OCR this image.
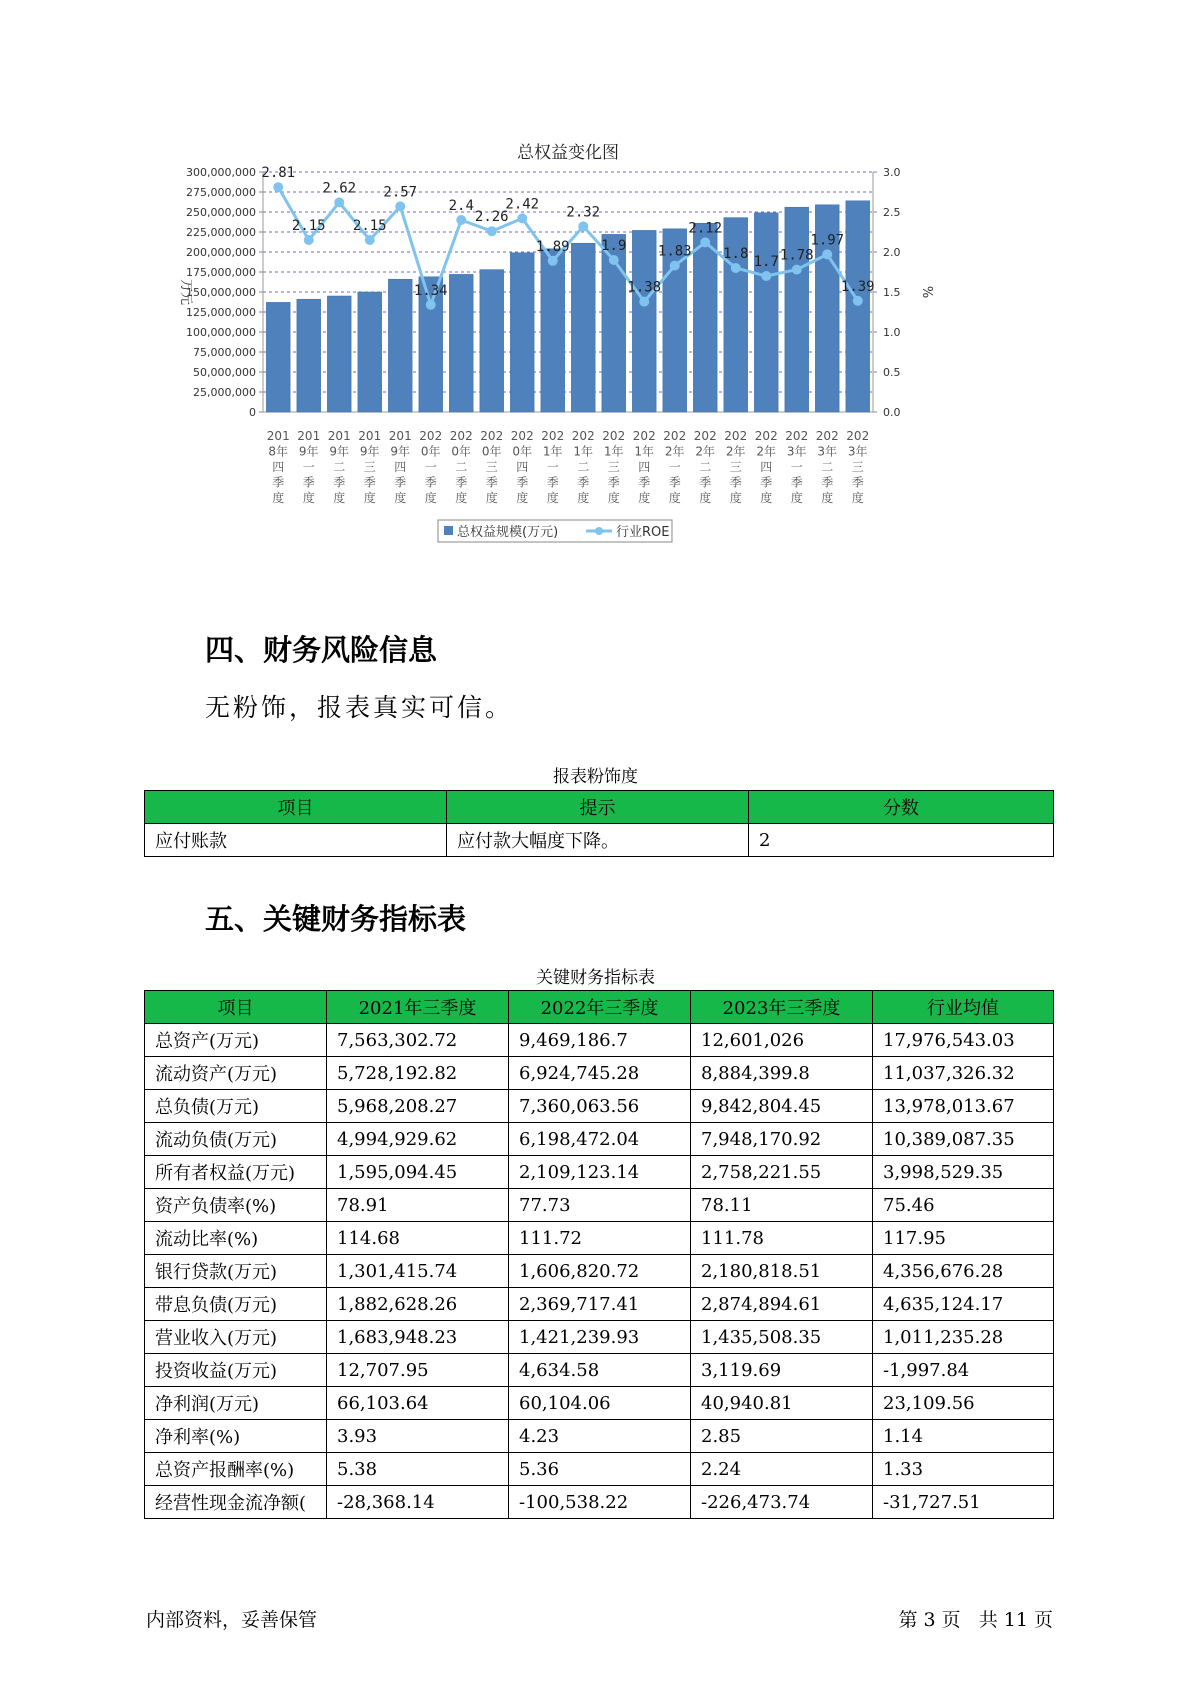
总权益变化图
0
25,000,000
50,000,000
75,000,000
100,000,000
125,000,000
150,000,000
175,000,000
200,000,000
225,000,000
250,000,000
275,000,000
300,000,000
0.0
0.5
1.0
1.5
2.0
2.5
3.0
万元	%
2.81
2.15
2.62
2.15
2.57
1.34
2.4
2.26
2.42
1.89
2.32
1.9
1.38
1.83
2.12
1.8 1.7 1.78
1.97
1.39
201
8年
四
季
度
201
9年
一
季
度
201
9年
二
季
度
201
9年
三
季
度
201
9年
四
季
度
202
0年
一
季
度
202
0年
二
季
度
202
0年
三
季
度
202
0年
四
季
度
202
1年
一
季
度
202
1年
二
季
度
202
1年
三
季
度
202
1年
四
季
度
202
2年
一
季
度
202
2年
二
季
度
202
2年
三
季
度
202
2年
四
季
度
202
3年
一
季
度
202
3年
二
季
度
202
3年
三
季
度
总权益规模(万元)	行业ROE
四、财务风险信息
无粉饰，报表真实可信。
报表粉饰度
项目	提示	分数
应付账款	应付款大幅度下降。	2
五、关键财务指标表
关键财务指标表
项目	2021年三季度	2022年三季度	2023年三季度	行业均值
总资产(万元)	7,563,302.72	9,469,186.7	12,601,026	17,976,543.03
流动资产(万元)	5,728,192.82	6,924,745.28	8,884,399.8	11,037,326.32
总负债(万元)	5,968,208.27	7,360,063.56	9,842,804.45	13,978,013.67
流动负债(万元)	4,994,929.62	6,198,472.04	7,948,170.92	10,389,087.35
所有者权益(万元)	1,595,094.45	2,109,123.14	2,758,221.55	3,998,529.35
资产负债率(%)	78.91	77.73	78.11	75.46
流动比率(%)	114.68	111.72	111.78	117.95
银行贷款(万元)	1,301,415.74	1,606,820.72	2,180,818.51	4,356,676.28
带息负债(万元)	1,882,628.26	2,369,717.41	2,874,894.61	4,635,124.17
营业收入(万元)	1,683,948.23	1,421,239.93	1,435,508.35	1,011,235.28
投资收益(万元)	12,707.95	4,634.58	3,119.69	-1,997.84
净利润(万元)	66,103.64	60,104.06	40,940.81	23,109.56
净利率(%)	3.93	4.23	2.85	1.14
总资产报酬率(%)	5.38	5.36	2.24	1.33
经营性现金流净额(	-28,368.14	-100,538.22	-226,473.74	-31,727.51
内部资料，妥善保管	第 3 页   共 11 页
